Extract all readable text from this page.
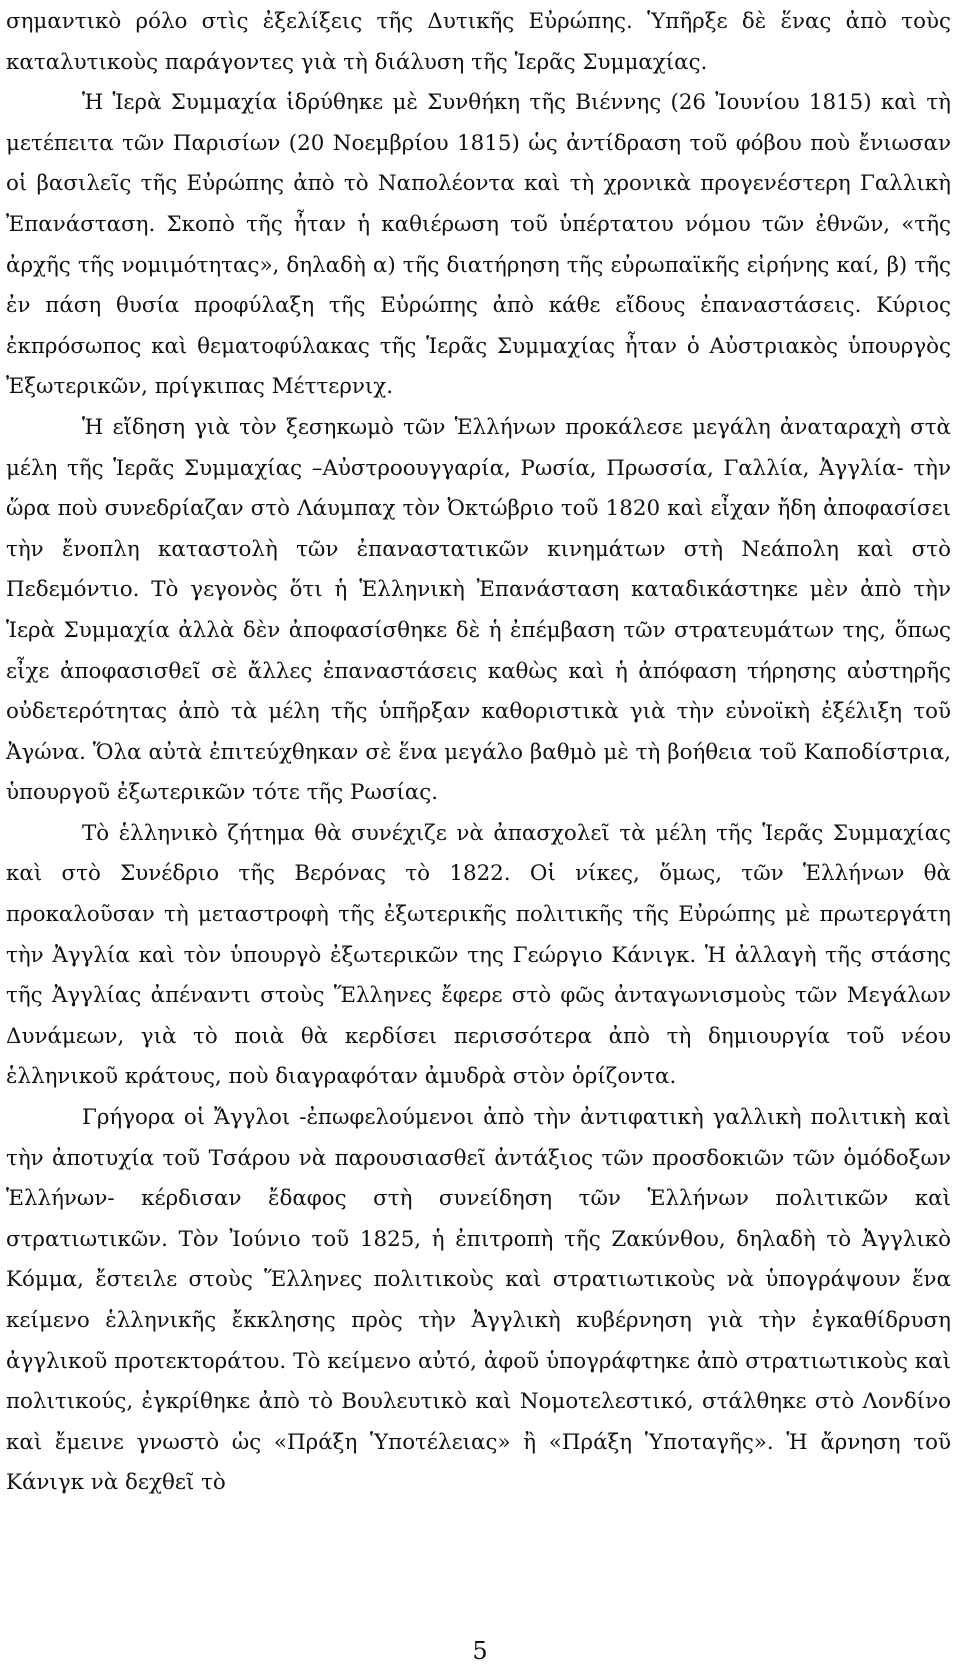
σημαντικὸ ρόλο στὶς ἐξελίξεις τῆς Δυτικῆς Εὐρώπης. Ὑπῆρξε δὲ ἕνας ἀπὸ τοὺς καταλυτικοὺς παράγοντες γιὰ τὴ διάλυση τῆς Ἱερᾶς Συμμαχίας.

Ἡ Ἱερὰ Συμμαχία ἱδρύθηκε μὲ Συνθήκη τῆς Βιέννης (26 Ἰουνίου 1815) καὶ τὴ μετέπειτα τῶν Παρισίων (20 Νοεμβρίου 1815) ὡς ἀντίδραση τοῦ φόβου ποὺ ἔνιωσαν οἱ βασιλεῖς τῆς Εὐρώπης ἀπὸ τὸ Ναπολέοντα καὶ τὴ χρονικὰ προγενέστερη Γαλλικὴ Ἐπανάσταση. Σκοπὸ τῆς ἦταν ἡ καθιέρωση τοῦ ὑπέρτατου νόμου τῶν ἐθνῶν, «τῆς ἀρχῆς τῆς νομιμότητας», δηλαδὴ α) τῆς διατήρηση τῆς εὐρωπαϊκῆς εἰρήνης καί, β) τῆς ἐν πάση θυσία προφύλαξη τῆς Εὐρώπης ἀπὸ κάθε εἴδους ἐπαναστάσεις. Κύριος ἐκπρόσωπος καὶ θεματοφύλακας τῆς Ἱερᾶς Συμμαχίας ἦταν ὁ Αὐστριακὸς ὑπουργὸς Ἐξωτερικῶν, πρίγκιπας Μέττερνιχ.

Ἡ εἴδηση γιὰ τὸν ξεσηκωμὸ τῶν Ἑλλήνων προκάλεσε μεγάλη ἀναταραχὴ στὰ μέλη τῆς Ἱερᾶς Συμμαχίας –Αὐστροουγγαρία, Ρωσία, Πρωσσία, Γαλλία, Ἀγγλία- τὴν ὥρα ποὺ συνεδρίαζαν στὸ Λάυμπαχ τὸν Ὀκτώβριο τοῦ 1820 καὶ εἶχαν ἤδη ἀποφασίσει τὴν ἔνοπλη καταστολὴ τῶν ἐπαναστατικῶν κινημάτων στὴ Νεάπολη καὶ στὸ Πεδεμόντιο. Τὸ γεγονὸς ὅτι ἡ Ἑλληνικὴ Ἐπανάσταση καταδικάστηκε μὲν ἀπὸ τὴν Ἱερὰ Συμμαχία ἀλλὰ δὲν ἀποφασίσθηκε δὲ ἡ ἐπέμβαση τῶν στρατευμάτων της, ὅπως εἶχε ἀποφασισθεῖ σὲ ἄλλες ἐπαναστάσεις καθὼς καὶ ἡ ἀπόφαση τήρησης αὐστηρῆς οὐδετερότητας ἀπὸ τὰ μέλη τῆς ὑπῆρξαν καθοριστικὰ γιὰ τὴν εὐνοϊκὴ ἐξέλιξη τοῦ Ἀγώνα. Ὅλα αὐτὰ ἐπιτεύχθηκαν σὲ ἕνα μεγάλο βαθμὸ μὲ τὴ βοήθεια τοῦ Καποδίστρια, ὑπουργοῦ ἐξωτερικῶν τότε τῆς Ρωσίας.

Τὸ ἑλληνικὸ ζήτημα θὰ συνέχιζε νὰ ἀπασχολεῖ τὰ μέλη τῆς Ἱερᾶς Συμμαχίας καὶ στὸ Συνέδριο τῆς Βερόνας τὸ 1822. Οἱ νίκες, ὅμως, τῶν Ἑλλήνων θὰ προκαλοῦσαν τὴ μεταστροφὴ τῆς ἐξωτερικῆς πολιτικῆς τῆς Εὐρώπης μὲ πρωτεργάτη τὴν Ἀγγλία καὶ τὸν ὑπουργὸ ἐξωτερικῶν της Γεώργιο Κάνιγκ. Ἡ ἀλλαγὴ τῆς στάσης τῆς Ἀγγλίας ἀπέναντι στοὺς Ἕλληνες ἔφερε στὸ φῶς ἀνταγωνισμοὺς τῶν Μεγάλων Δυνάμεων, γιὰ τὸ ποιὰ θὰ κερδίσει περισσότερα ἀπὸ τὴ δημιουργία τοῦ νέου ἑλληνικοῦ κράτους, ποὺ διαγραφόταν ἀμυδρὰ στὸν ὁρίζοντα.

Γρήγορα οἱ Ἄγγλοι -ἐπωφελούμενοι ἀπὸ τὴν ἀντιφατικὴ γαλλικὴ πολιτικὴ καὶ τὴν ἀποτυχία τοῦ Τσάρου νὰ παρουσιασθεῖ ἀντάξιος τῶν προσδοκιῶν τῶν ὁμόδοξων Ἑλλήνων- κέρδισαν ἔδαφος στὴ συνείδηση τῶν Ἑλλήνων πολιτικῶν καὶ στρατιωτικῶν. Τὸν Ἰούνιο τοῦ 1825, ἡ ἐπιτροπὴ τῆς Ζακύνθου, δηλαδὴ τὸ Ἀγγλικὸ Κόμμα, ἔστειλε στοὺς Ἕλληνες πολιτικοὺς καὶ στρατιωτικοὺς νὰ ὑπογράψουν ἕνα κείμενο ἑλληνικῆς ἔκκλησης πρὸς τὴν Ἀγγλικὴ κυβέρνηση γιὰ τὴν ἐγκαθίδρυση ἀγγλικοῦ προτεκτοράτου. Τὸ κείμενο αὐτό, ἀφοῦ ὑπογράφτηκε ἀπὸ στρατιωτικοὺς καὶ πολιτικούς, ἐγκρίθηκε ἀπὸ τὸ Βουλευτικὸ καὶ Νομοτελεστικό, στάλθηκε στὸ Λονδίνο καὶ ἔμεινε γνωστὸ ὡς «Πράξη Ὑποτέλειας» ἢ «Πράξη Ὑποταγῆς». Ἡ ἄρνηση τοῦ Κάνιγκ νὰ δεχθεῖ τὸ

5
